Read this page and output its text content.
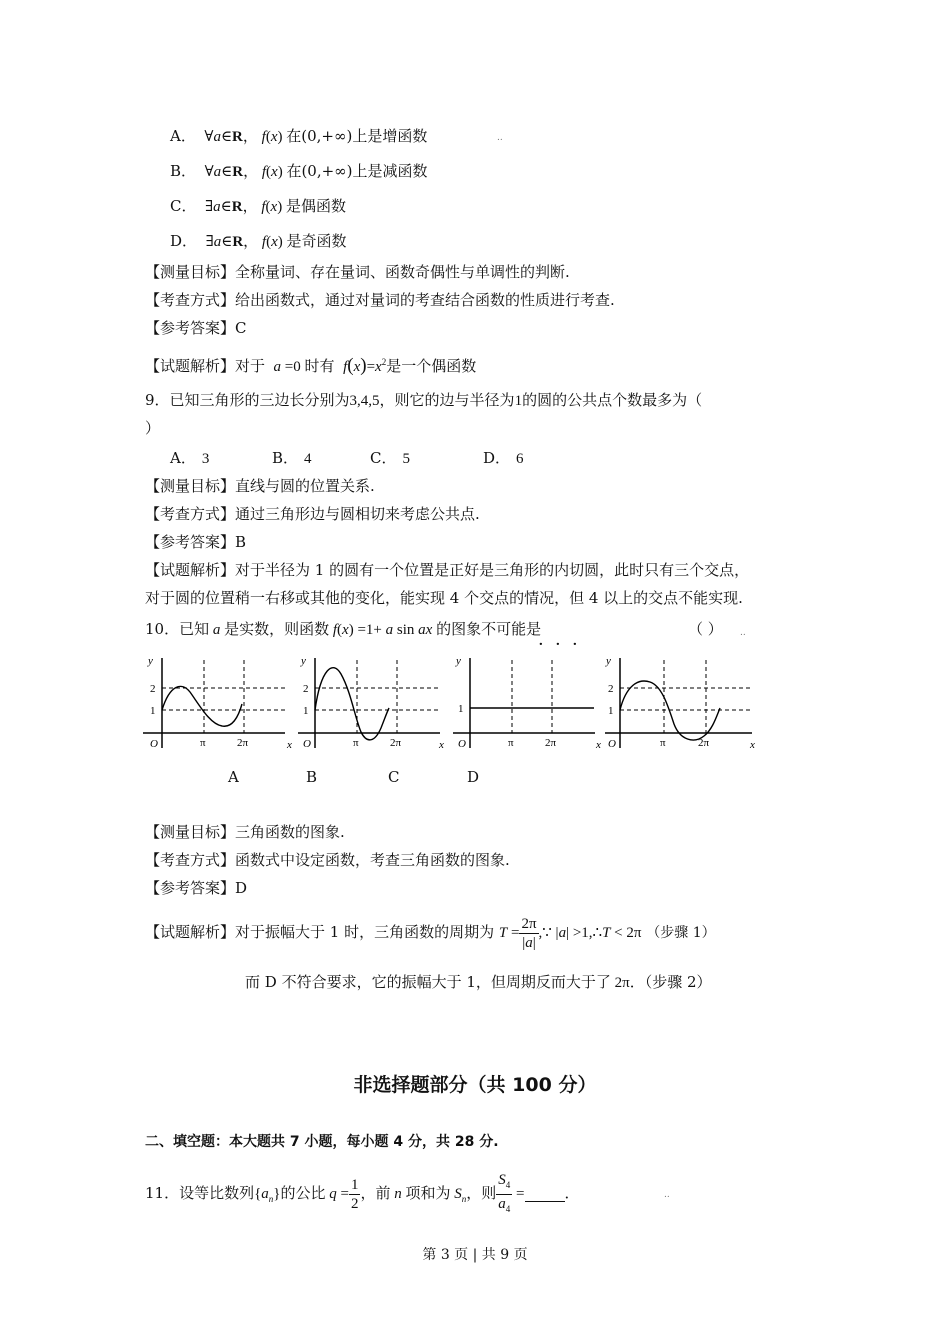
A．  ∀a∈R， f(x) 在(0,+∞)上是增函数	..
B．  ∀a∈R， f(x) 在(0,+∞)上是减函数
C．  ∃a∈R， f(x) 是偶函数
D．  ∃a∈R， f(x) 是奇函数
【测量目标】全称量词、存在量词、函数奇偶性与单调性的判断.
【考查方式】给出函数式，通过对量词的考查结合函数的性质进行考查.
【参考答案】C
【试题解析】对于 a =0 时有 $f(x)=x^2$是一个偶函数
9．已知三角形的三边长分别为3,4,5，则它的边与半径为1的圆的公共点个数最多为（
）
A． 3	B． 4	C． 5	D． 6
【测量目标】直线与圆的位置关系.
【考查方式】通过三角形边与圆相切来考虑公共点.
【参考答案】B
【试题解析】对于半径为 1 的圆有一个位置是正好是三角形的内切圆，此时只有三个交点，
对于圆的位置稍一右移或其他的变化，能实现 4 个交点的情况，但 4 以上的交点不能实现.
10．已知 a 是实数，则函数 f(x) =1+ a sin ax 的图象不可能是
· · ·
（ ） ..
y
2
1
O	π	2π	x
y
2
1
O	π	2π	x
y
1
O	π	2π	x
y
2
1
O	π	2π	x
A	B	C	D
【测量目标】三角函数的图象.
【考查方式】函数式中设定函数，考查三角函数的图象.
【参考答案】D
【试题解析】对于振幅大于 1 时，三角函数的周期为 $T = \frac{2\pi}{|a|}$ ,∵ |a| >1,∴T < 2π （步骤 1）
而 D 不符合要求，它的振幅大于 1，但周期反而大于了 2π．（步骤 2）
非选择题部分（共 100 分）
二、填空题：本大题共 7 小题，每小题 4 分，共 28 分.
11．设等比数列$\{a_n\}$的公比 $q = \frac{1}{2}$ ，前 n 项和为 $S_n$，则 $\frac{S_4}{a_4}$ =	．	..
第 3 页 | 共 9 页
